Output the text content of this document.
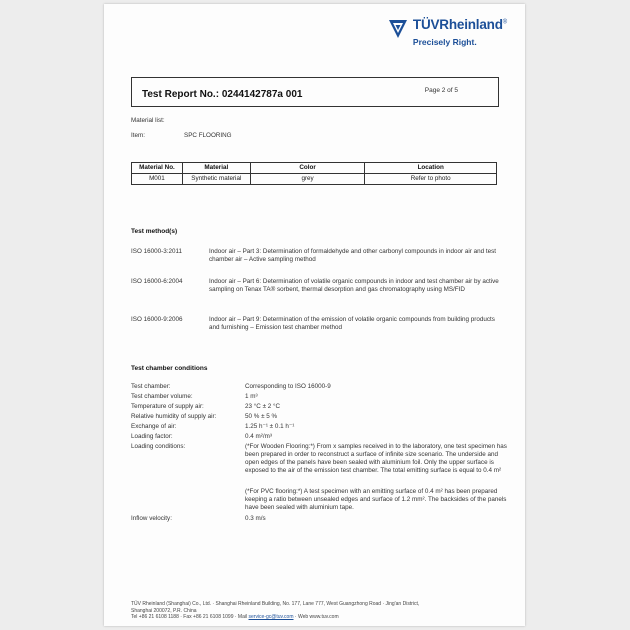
TÜVRheinland®
Precisely Right.
Test Report No.: 0244142787a 001	Page 2 of 5
Material list:
Item:	SPC FLOORING
Material No.	Material	Color	Location
M001	Synthetic material	grey	Refer to photo
Test method(s)
ISO 16000-3:2011	Indoor air – Part 3: Determination of formaldehyde and other carbonyl compounds in indoor air and test chamber air – Active sampling method
ISO 16000-6:2004	Indoor air – Part 6: Determination of volatile organic compounds in indoor and test chamber air by active sampling on Tenax TA® sorbent, thermal desorption and gas chromatography using MS/FID
ISO 16000-9:2006	Indoor air – Part 9: Determination of the emission of volatile organic compounds from building products and furnishing – Emission test chamber method
Test chamber conditions
Test chamber:	Corresponding to ISO 16000-9
Test chamber volume:	1 m³
Temperature of supply air:	23 °C ± 2 °C
Relative humidity of supply air:	50 % ± 5 %
Exchange of air:	1.25 h⁻¹ ± 0.1 h⁻¹
Loading factor:	0.4 m²/m³
Loading conditions:	(*For Wooden Flooring:*) From x samples received in to the laboratory, one test specimen has been prepared in order to reconstruct a surface of infinite size scenario. The underside and open edges of the panels have been sealed with aluminium foil. Only the upper surface is exposed to the air of the emission test chamber. The total emitting surface is equal to 0.4 m²
(*For PVC flooring:*) A test specimen with an emitting surface of 0.4 m² has been prepared keeping a ratio between unsealed edges and surface of 1.2 mm². The backsides of the panels have been sealed with aluminium tape.
Inflow velocity:	0.3 m/s
TÜV Rheinland (Shanghai) Co., Ltd. · Shanghai Rheinland Building, No. 177, Lane 777, West Guangzhong Road · Jing'an District,
Shanghai 200072, P.R. China
Tel +86 21 6108 1188 · Fax +86 21 6108 1099 · Mail service-gc@tuv.com · Web www.tuv.com
